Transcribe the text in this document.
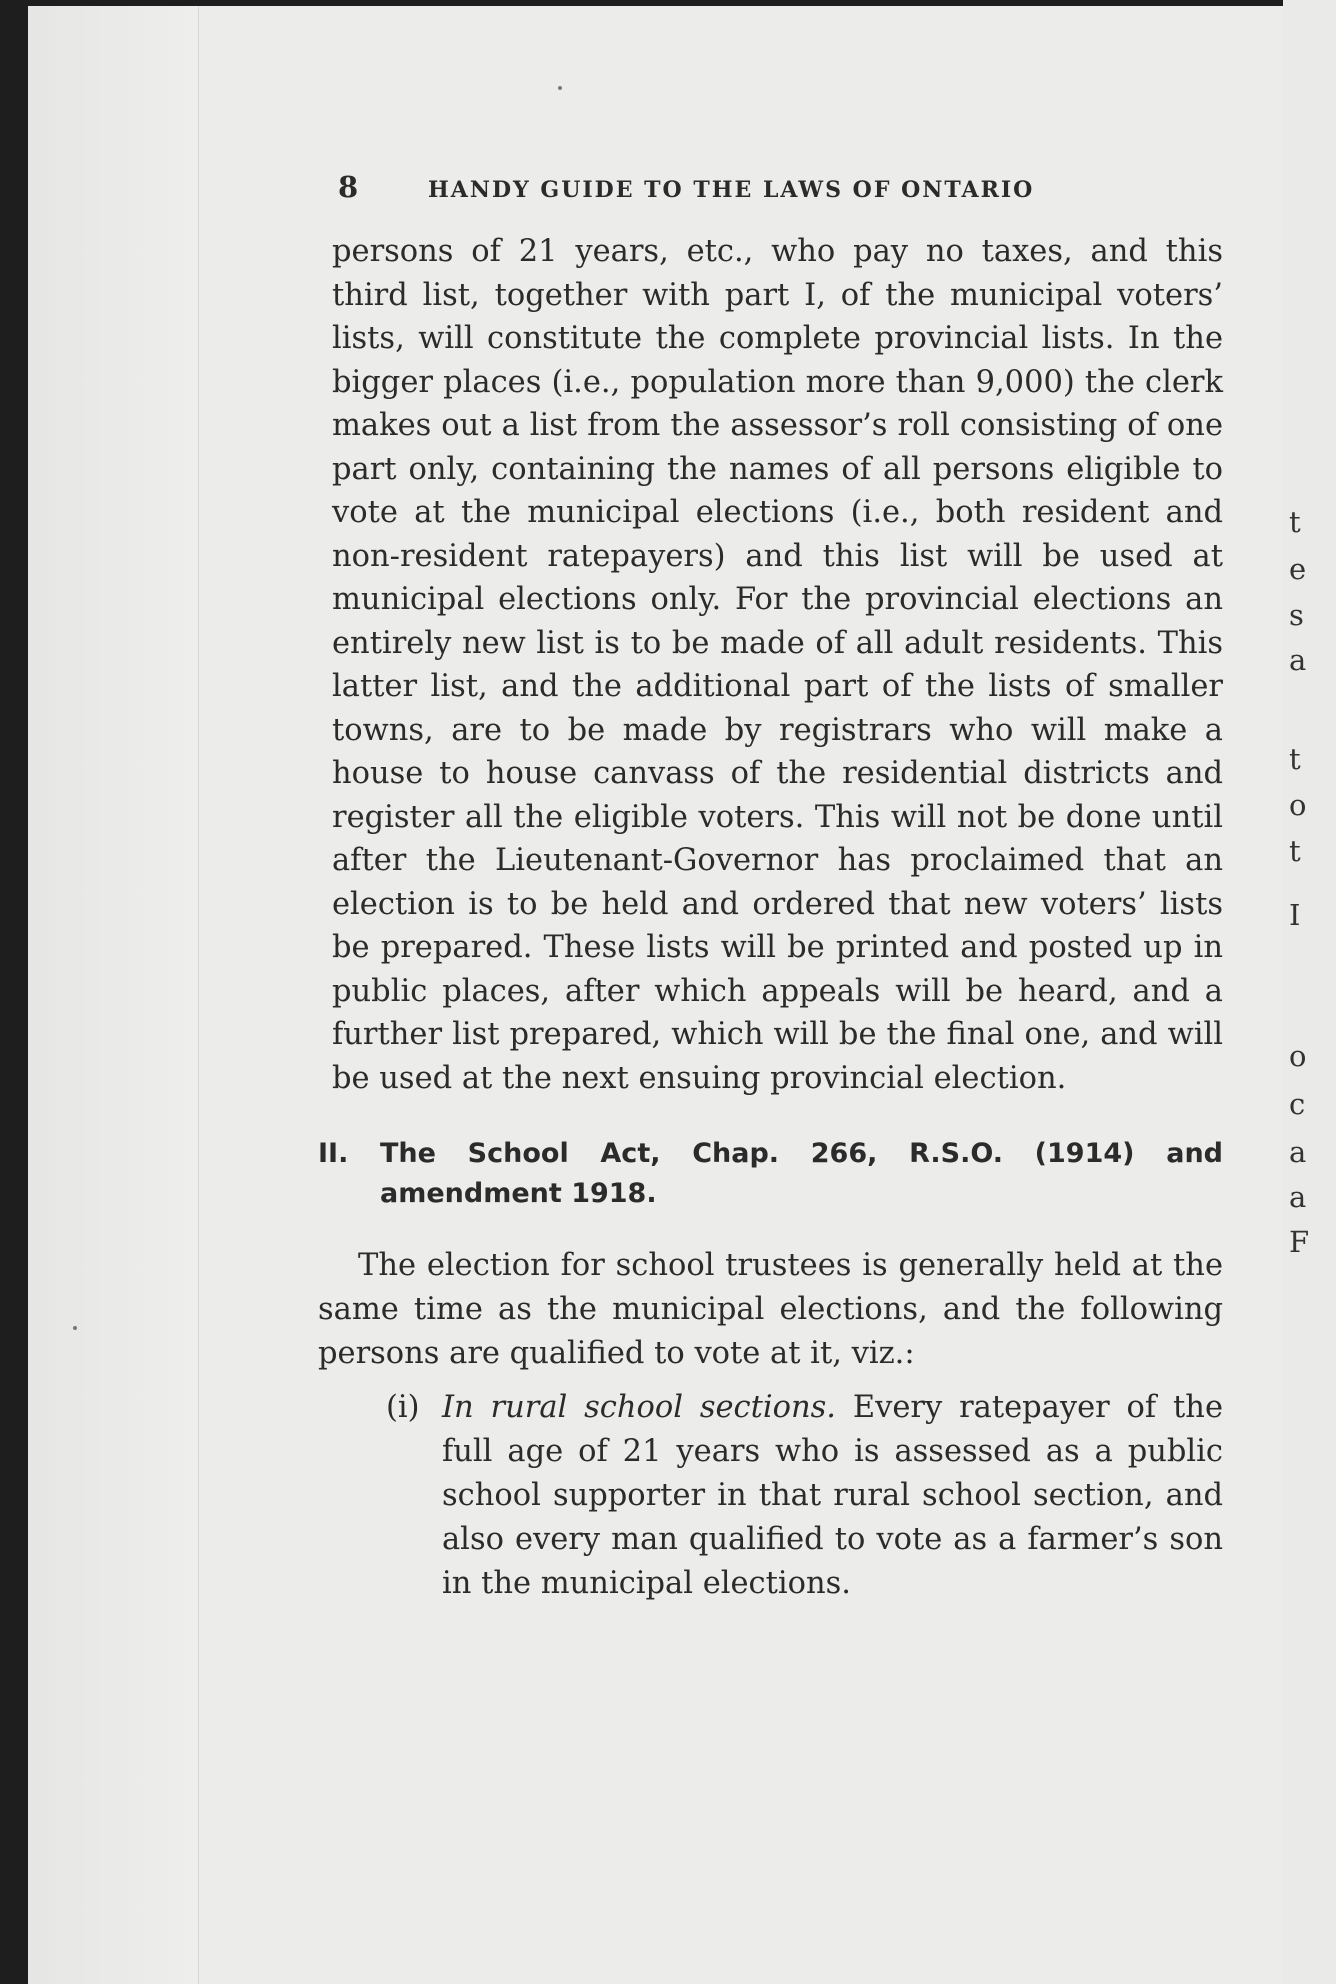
t
e
s
a
t
o
t
I
o
c
a
a
F
8	HANDY GUIDE TO THE LAWS OF ONTARIO

persons of 21 years, etc., who pay no taxes, and this third list, together with part I, of the municipal voters’ lists, will constitute the complete provincial lists. In the bigger places (i.e., population more than 9,000) the clerk makes out a list from the assessor’s roll consisting of one part only, containing the names of all persons eligible to vote at the municipal elections (i.e., both resident and non-resident ratepayers) and this list will be used at municipal elections only. For the provincial elections an entirely new list is to be made of all adult residents. This latter list, and the additional part of the lists of smaller towns, are to be made by registrars who will make a house to house canvass of the residential districts and register all the eligible voters. This will not be done until after the Lieutenant-Governor has proclaimed that an election is to be held and ordered that new voters’ lists be prepared. These lists will be printed and posted up in public places, after which appeals will be heard, and a further list prepared, which will be the final one, and will be used at the next ensuing provincial election.

II.	The School Act, Chap. 266, R.S.O. (1914) and amendment 1918.

The election for school trustees is generally held at the same time as the municipal elections, and the following persons are qualified to vote at it, viz.:

(i) In rural school sections. Every ratepayer of the full age of 21 years who is assessed as a public school supporter in that rural school section, and also every man qualified to vote as a farmer’s son in the municipal elections.
